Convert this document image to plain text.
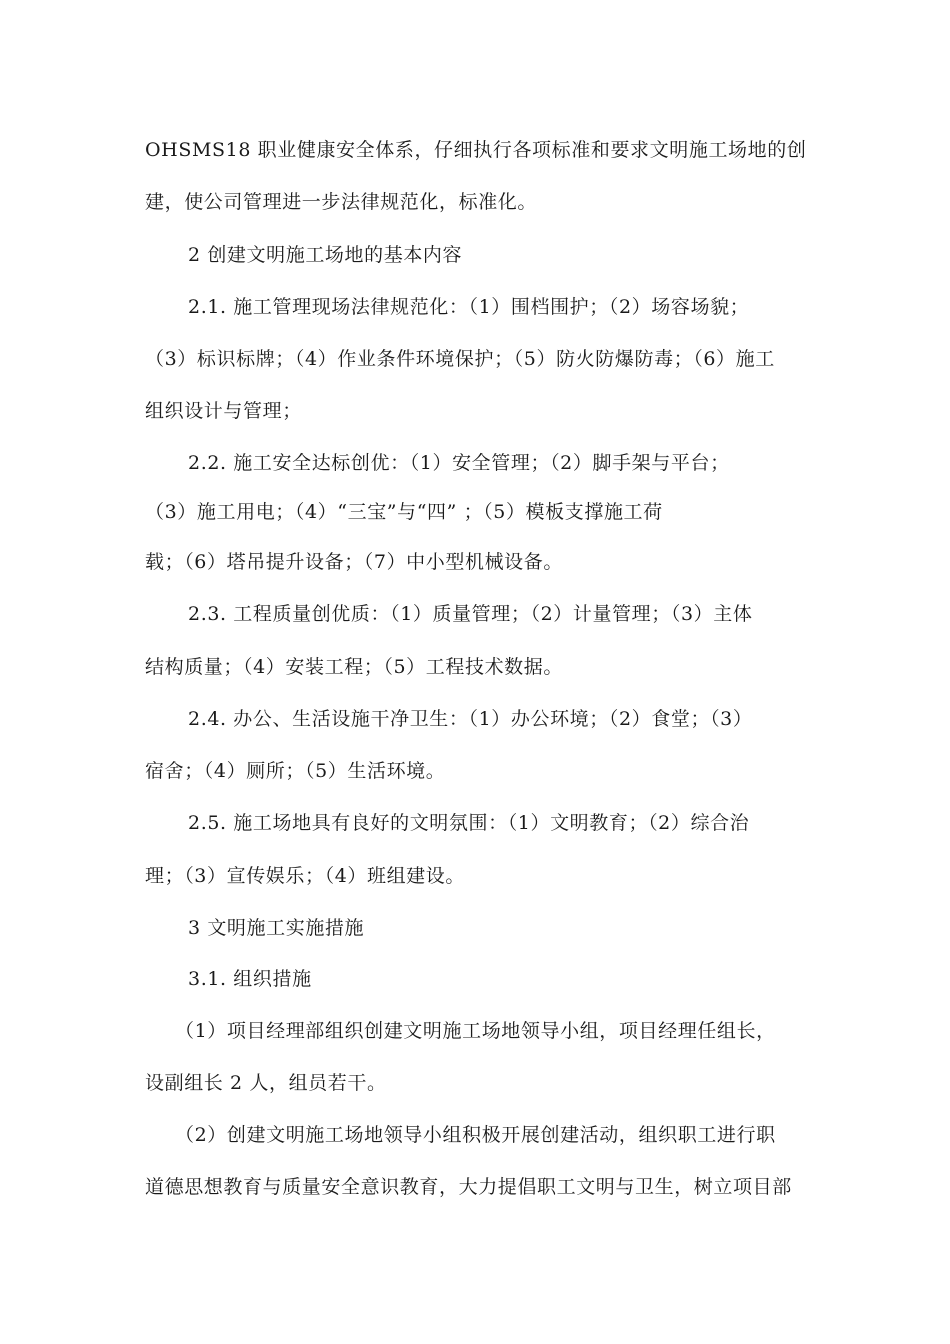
OHSMS18 职业健康安全体系，仔细执行各项标准和要求文明施工场地的创
建，使公司管理进一步法律规范化，标准化。
2 创建文明施工场地的基本内容
2.1. 施工管理现场法律规范化：（1）围档围护；（2）场容场貌；
（3）标识标牌；（4）作业条件环境保护；（5）防火防爆防毒；（6）施工
组织设计与管理；
2.2. 施工安全达标创优：（1）安全管理；（2）脚手架与平台；
（3）施工用电；（4）“三宝”与“四” ；（5）模板支撑施工荷
载；（6）塔吊提升设备；（7）中小型机械设备。
2.3. 工程质量创优质：（1）质量管理；（2）计量管理；（3）主体
结构质量；（4）安装工程；（5）工程技术数据。
2.4. 办公、生活设施干净卫生：（1）办公环境；（2）食堂；（3）
宿舍；（4）厕所；（5）生活环境。
2.5. 施工场地具有良好的文明氛围：（1）文明教育；（2）综合治
理；（3）宣传娱乐；（4）班组建设。
3 文明施工实施措施
3.1. 组织措施
（1）项目经理部组织创建文明施工场地领导小组，项目经理任组长，
设副组长 2 人，组员若干。
（2）创建文明施工场地领导小组积极开展创建活动，组织职工进行职
道德思想教育与质量安全意识教育，大力提倡职工文明与卫生，树立项目部
